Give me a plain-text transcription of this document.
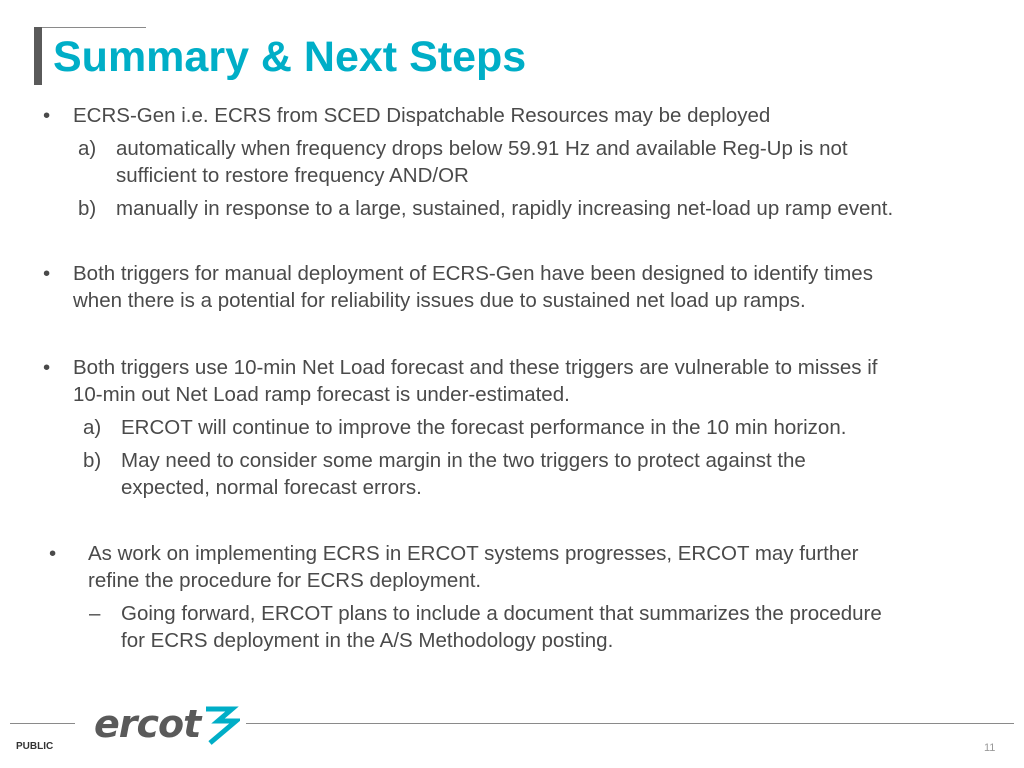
Summary & Next Steps
• ECRS-Gen i.e. ECRS from SCED Dispatchable Resources may be deployed
a) automatically when frequency drops below 59.91 Hz and available Reg-Up is not
sufficient to restore frequency AND/OR
b) manually in response to a large, sustained, rapidly increasing net-load up ramp event.
• Both triggers for manual deployment of ECRS-Gen have been designed to identify times
when there is a potential for reliability issues due to sustained net load up ramps.
• Both triggers use 10-min Net Load forecast and these triggers are vulnerable to misses if
10-min out Net Load ramp forecast is under-estimated.
a) ERCOT will continue to improve the forecast performance in the 10 min horizon.
b) May need to consider some margin in the two triggers to protect against the
expected, normal forecast errors.
• As work on implementing ECRS in ERCOT systems progresses, ERCOT may further
refine the procedure for ECRS deployment.
– Going forward, ERCOT plans to include a document that summarizes the procedure
for ECRS deployment in the A/S Methodology posting.
ercot
PUBLIC	11
